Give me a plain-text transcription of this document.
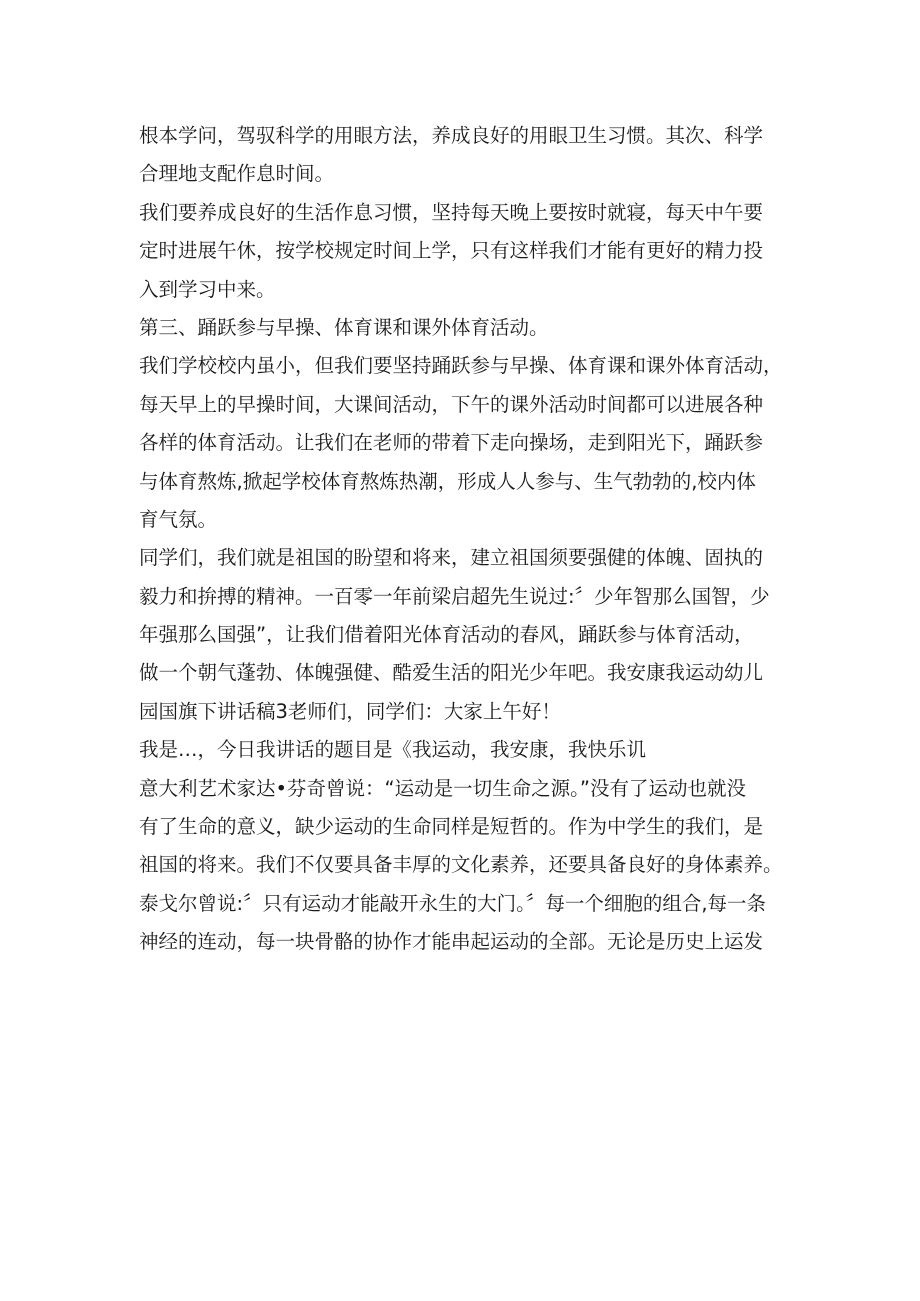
根本学问，驾驭科学的用眼方法，养成良好的用眼卫生习惯。其次、科学
合理地支配作息时间。
我们要养成良好的生活作息习惯，坚持每天晚上要按时就寝，每天中午要
定时进展午休，按学校规定时间上学，只有这样我们才能有更好的精力投
入到学习中来。
第三、踊跃参与早操、体育课和课外体育活动。
我们学校校内虽小，但我们要坚持踊跃参与早操、体育课和课外体育活动，
每天早上的早操时间，大课间活动，下午的课外活动时间都可以进展各种
各样的体育活动。让我们在老师的带着下走向操场，走到阳光下，踊跃参
与体育熬炼,掀起学校体育熬炼热潮，形成人人参与、生气勃勃的,校内体
育气氛。
同学们，我们就是祖国的盼望和将来，建立祖国须要强健的体魄、固执的
毅力和拚搏的精神。一百零一年前梁启超先生说过:〞少年智那么国智，少
年强那么国强”，让我们借着阳光体育活动的春风，踊跃参与体育活动，
做一个朝气蓬勃、体魄强健、酷爱生活的阳光少年吧。我安康我运动幼儿
园国旗下讲话稿3老师们，同学们：大家上午好！
我是…，今日我讲话的题目是《我运动，我安康，我快乐讥
意大利艺术家达•芬奇曾说：“运动是一切生命之源。”没有了运动也就没
有了生命的意义，缺少运动的生命同样是短哲的。作为中学生的我们，是
祖国的将来。我们不仅要具备丰厚的文化素养，还要具备良好的身体素养。
泰戈尔曾说:〞只有运动才能敲开永生的大门。〞每一个细胞的组合,每一条
神经的连动，每一块骨骼的协作才能串起运动的全部。无论是历史上运发
